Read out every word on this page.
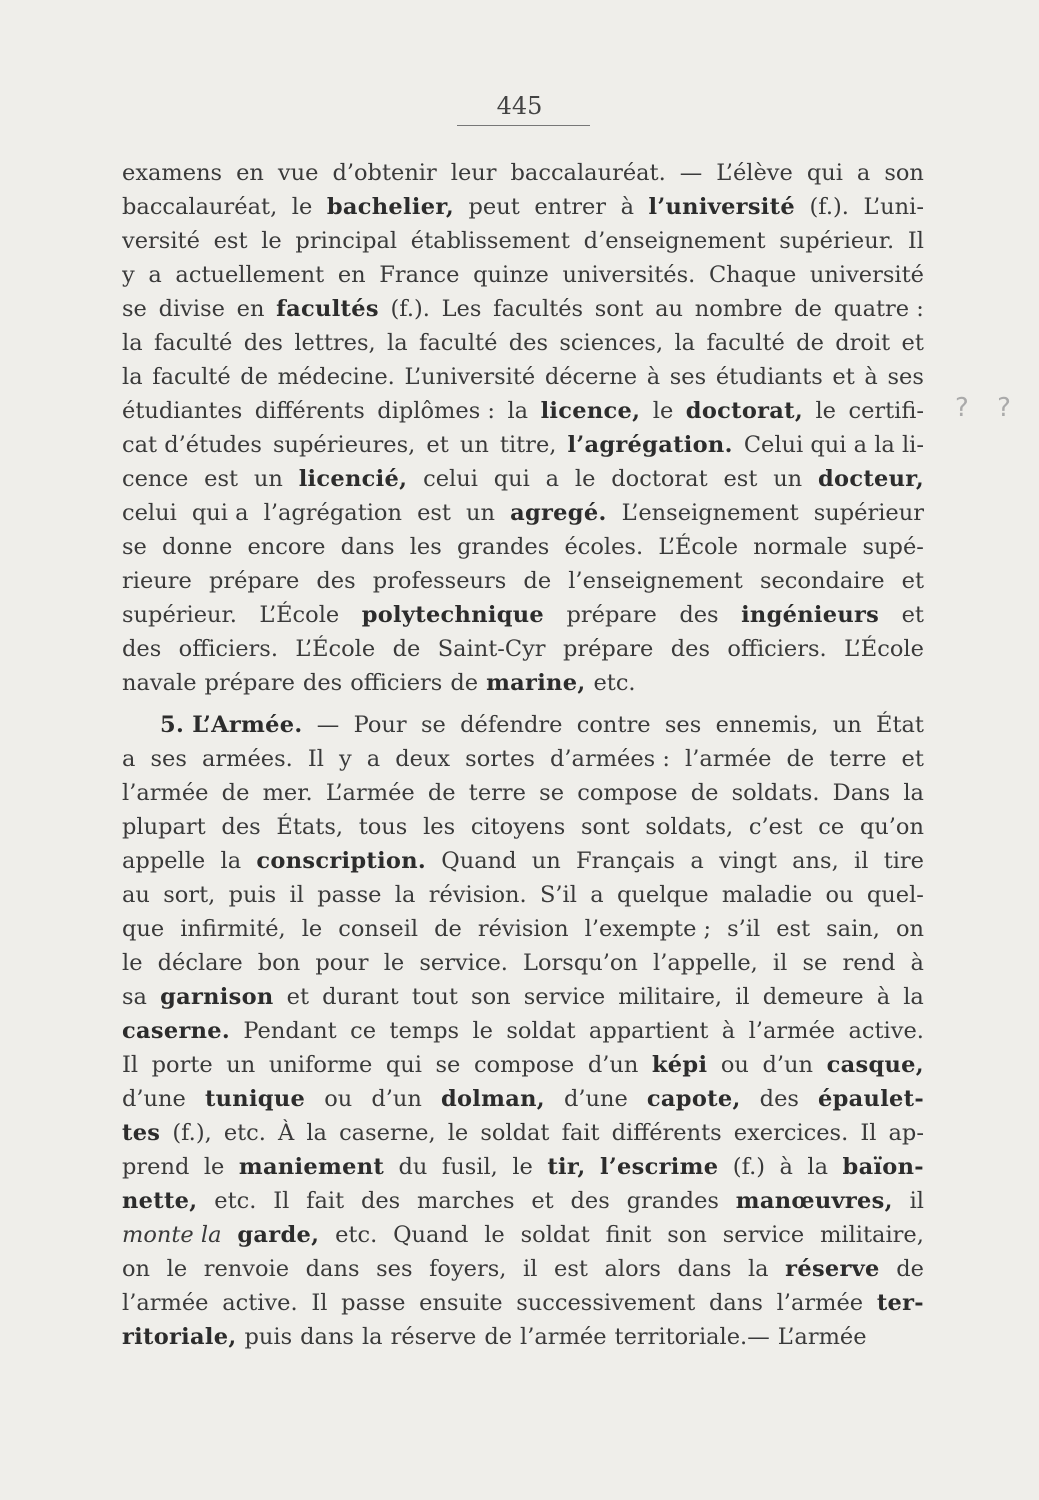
445
? ?
examens en vue d’obtenir leur baccalauréat. — L’élève qui a son
baccalauréat, le bachelier, peut entrer à l’université (f.). L’uni-
versité est le principal établissement d’enseignement supérieur. Il
y a actuellement en France quinze universités. Chaque université
se divise en facultés (f.). Les facultés sont au nombre de quatre :
la faculté des lettres, la faculté des sciences, la faculté de droit et
la faculté de médecine. L’université décerne à ses étudiants et à ses
étudiantes différents diplômes : la licence, le doctorat, le certifi-
cat d’études supérieures, et un titre, l’agrégation. Celui qui a la li-
cence est un licencié, celui qui a le doctorat est un docteur,
celui qui a l’agrégation est un agregé. L’enseignement supérieur
se donne encore dans les grandes écoles. L’École normale supé-
rieure prépare des professeurs de l’enseignement secondaire et
supérieur. L’École polytechnique prépare des ingénieurs et
des officiers. L’École de Saint-Cyr prépare des officiers. L’École
navale prépare des officiers de marine, etc.
5. L’Armée. — Pour se défendre contre ses ennemis, un État
a ses armées. Il y a deux sortes d’armées : l’armée de terre et
l’armée de mer. L’armée de terre se compose de soldats. Dans la
plupart des États, tous les citoyens sont soldats, c’est ce qu’on
appelle la conscription. Quand un Français a vingt ans, il tire
au sort, puis il passe la révision. S’il a quelque maladie ou quel-
que infirmité, le conseil de révision l’exempte ; s’il est sain, on
le déclare bon pour le service. Lorsqu’on l’appelle, il se rend à
sa garnison et durant tout son service militaire, il demeure à la
caserne. Pendant ce temps le soldat appartient à l’armée active.
Il porte un uniforme qui se compose d’un képi ou d’un casque,
d’une tunique ou d’un dolman, d’une capote, des épaulet-
tes (f.), etc. À la caserne, le soldat fait différents exercices. Il ap-
prend le maniement du fusil, le tir, l’escrime (f.) à la baïon-
nette, etc. Il fait des marches et des grandes manœuvres, il
monte la garde, etc. Quand le soldat finit son service militaire,
on le renvoie dans ses foyers, il est alors dans la réserve de
l’armée active. Il passe ensuite successivement dans l’armée ter-
ritoriale, puis dans la réserve de l’armée territoriale.— L’armée
